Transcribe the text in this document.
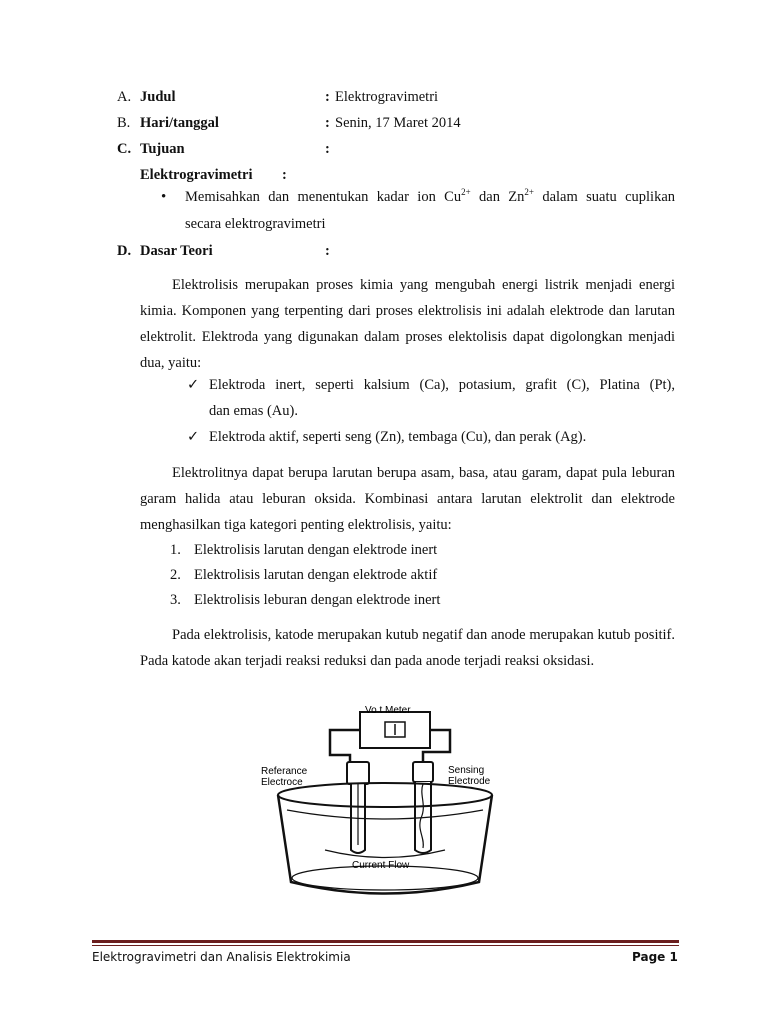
A. Judul	: Elektrogravimetri
B. Hari/tanggal	: Senin, 17 Maret 2014
C. Tujuan	:
Elektrogravimetri :
• Memisahkan dan menentukan kadar ion $Cu^{2+}$ dan $Zn^{2+}$ dalam suatu cuplikan
secara elektrogravimetri
D. Dasar Teori	:
Elektrolisis merupakan proses kimia yang mengubah energi listrik menjadi energi kimia. Komponen yang terpenting dari proses elektrolisis ini adalah elektrode dan larutan elektrolit. Elektroda yang digunakan dalam proses elektolisis dapat digolongkan menjadi dua, yaitu:
✓ Elektroda inert, seperti kalsium (Ca), potasium, grafit (C), Platina (Pt),
dan emas (Au).
✓ Elektroda aktif, seperti seng (Zn), tembaga (Cu), dan perak (Ag).
Elektrolitnya dapat berupa larutan berupa asam, basa, atau garam, dapat pula leburan garam halida atau leburan oksida. Kombinasi antara larutan elektrolit dan elektrode menghasilkan tiga kategori penting elektrolisis, yaitu:
1. Elektrolisis larutan dengan elektrode inert
2. Elektrolisis larutan dengan elektrode aktif
3. Elektrolisis leburan dengan elektrode inert
Pada elektrolisis, katode merupakan kutub negatif dan anode merupakan kutub positif. Pada katode akan terjadi reaksi reduksi dan pada anode terjadi reaksi oksidasi.
Vo t Meter
Current Flow
Referance
Electroce
Sensing
Electrode
Elektrogravimetri dan Analisis Elektrokimia	Page 1
